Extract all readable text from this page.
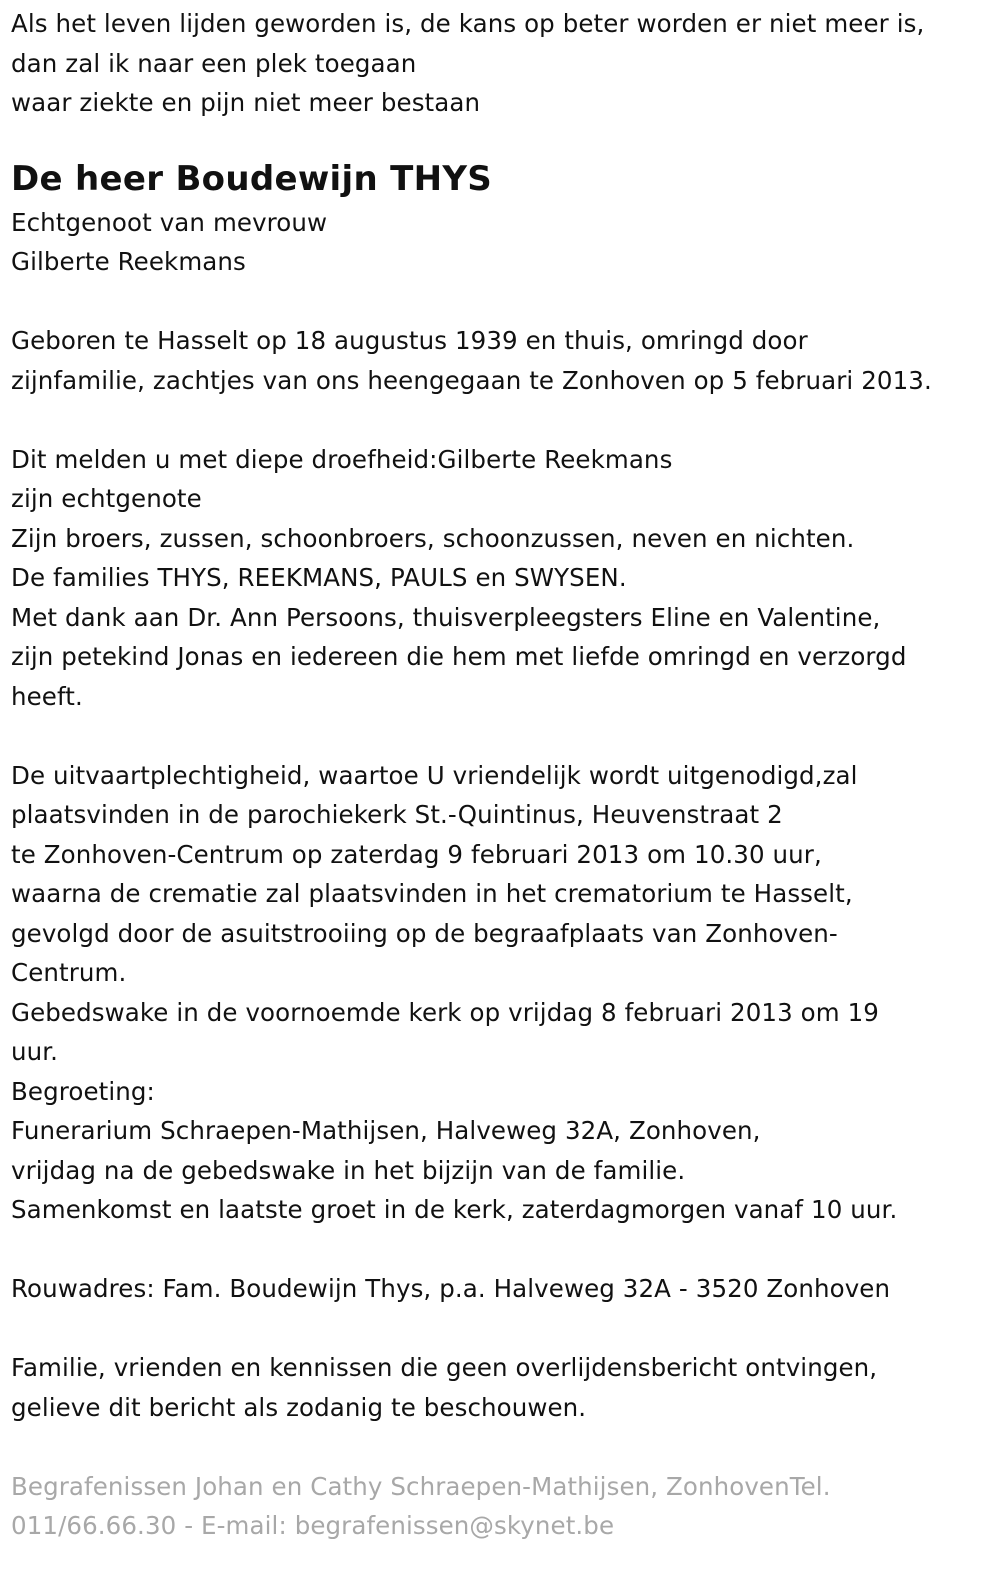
Als het leven lijden geworden is, de kans op beter worden er niet meer is,
dan zal ik naar een plek toegaan
waar ziekte en pijn niet meer bestaan
De heer Boudewijn THYS
Echtgenoot van mevrouw
Gilberte Reekmans
Geboren te Hasselt op 18 augustus 1939 en thuis, omringd door
zijnfamilie, zachtjes van ons heengegaan te Zonhoven op 5 februari 2013.
Dit melden u met diepe droefheid:Gilberte Reekmans
zijn echtgenote
Zijn broers, zussen, schoonbroers, schoonzussen, neven en nichten.
De families THYS, REEKMANS, PAULS en SWYSEN.
Met dank aan Dr. Ann Persoons, thuisverpleegsters Eline en Valentine,
zijn petekind Jonas en iedereen die hem met liefde omringd en verzorgd
heeft.
De uitvaartplechtigheid, waartoe U vriendelijk wordt uitgenodigd,zal
plaatsvinden in de parochiekerk St.-Quintinus, Heuvenstraat 2
te Zonhoven-Centrum op zaterdag 9 februari 2013 om 10.30 uur,
waarna de crematie zal plaatsvinden in het crematorium te Hasselt,
gevolgd door de asuitstrooiing op de begraafplaats van Zonhoven-
Centrum.
Gebedswake in de voornoemde kerk op vrijdag 8 februari 2013 om 19
uur.
Begroeting:
Funerarium Schraepen-Mathijsen, Halveweg 32A, Zonhoven,
vrijdag na de gebedswake in het bijzijn van de familie.
Samenkomst en laatste groet in de kerk, zaterdagmorgen vanaf 10 uur.
Rouwadres: Fam. Boudewijn Thys, p.a. Halveweg 32A - 3520 Zonhoven
Familie, vrienden en kennissen die geen overlijdensbericht ontvingen,
gelieve dit bericht als zodanig te beschouwen.
Begrafenissen Johan en Cathy Schraepen-Mathijsen, ZonhovenTel.
011/66.66.30 - E-mail: begrafenissen@skynet.be
